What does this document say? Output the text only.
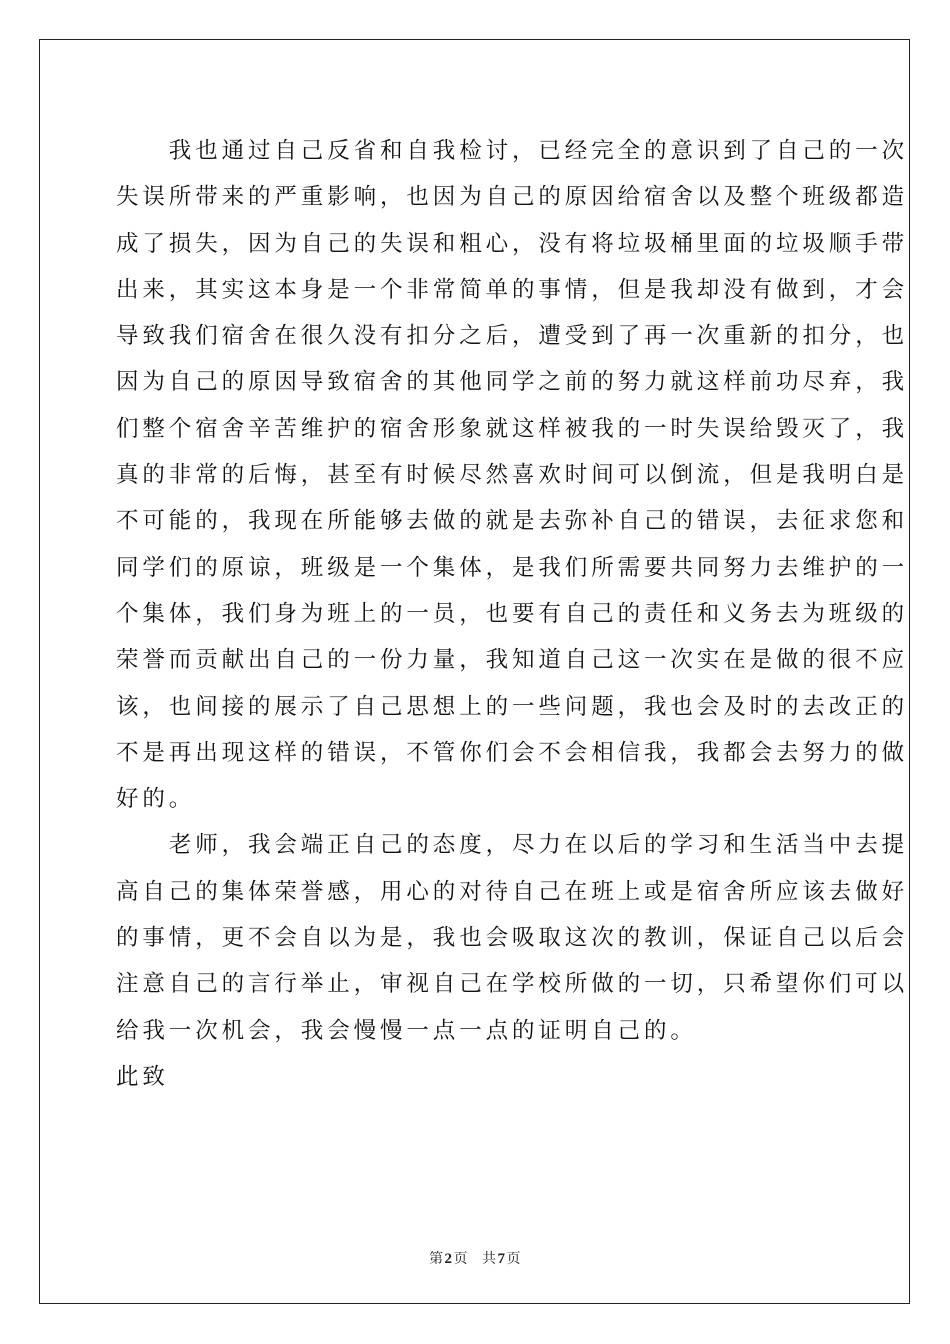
　　我也通过自己反省和自我检讨，已经完全的意识到了自己的一次
失误所带来的严重影响，也因为自己的原因给宿舍以及整个班级都造
成了损失，因为自己的失误和粗心，没有将垃圾桶里面的垃圾顺手带
出来，其实这本身是一个非常简单的事情，但是我却没有做到，才会
导致我们宿舍在很久没有扣分之后，遭受到了再一次重新的扣分，也
因为自己的原因导致宿舍的其他同学之前的努力就这样前功尽弃，我
们整个宿舍辛苦维护的宿舍形象就这样被我的一时失误给毁灭了，我
真的非常的后悔，甚至有时候尽然喜欢时间可以倒流，但是我明白是
不可能的，我现在所能够去做的就是去弥补自己的错误，去征求您和
同学们的原谅，班级是一个集体，是我们所需要共同努力去维护的一
个集体，我们身为班上的一员，也要有自己的责任和义务去为班级的
荣誉而贡献出自己的一份力量，我知道自己这一次实在是做的很不应
该，也间接的展示了自己思想上的一些问题，我也会及时的去改正的
不是再出现这样的错误，不管你们会不会相信我，我都会去努力的做
好的。
　　老师，我会端正自己的态度，尽力在以后的学习和生活当中去提
高自己的集体荣誉感，用心的对待自己在班上或是宿舍所应该去做好
的事情，更不会自以为是，我也会吸取这次的教训，保证自己以后会
注意自己的言行举止，审视自己在学校所做的一切，只希望你们可以
给我一次机会，我会慢慢一点一点的证明自己的。
此致
第2页 共7页
